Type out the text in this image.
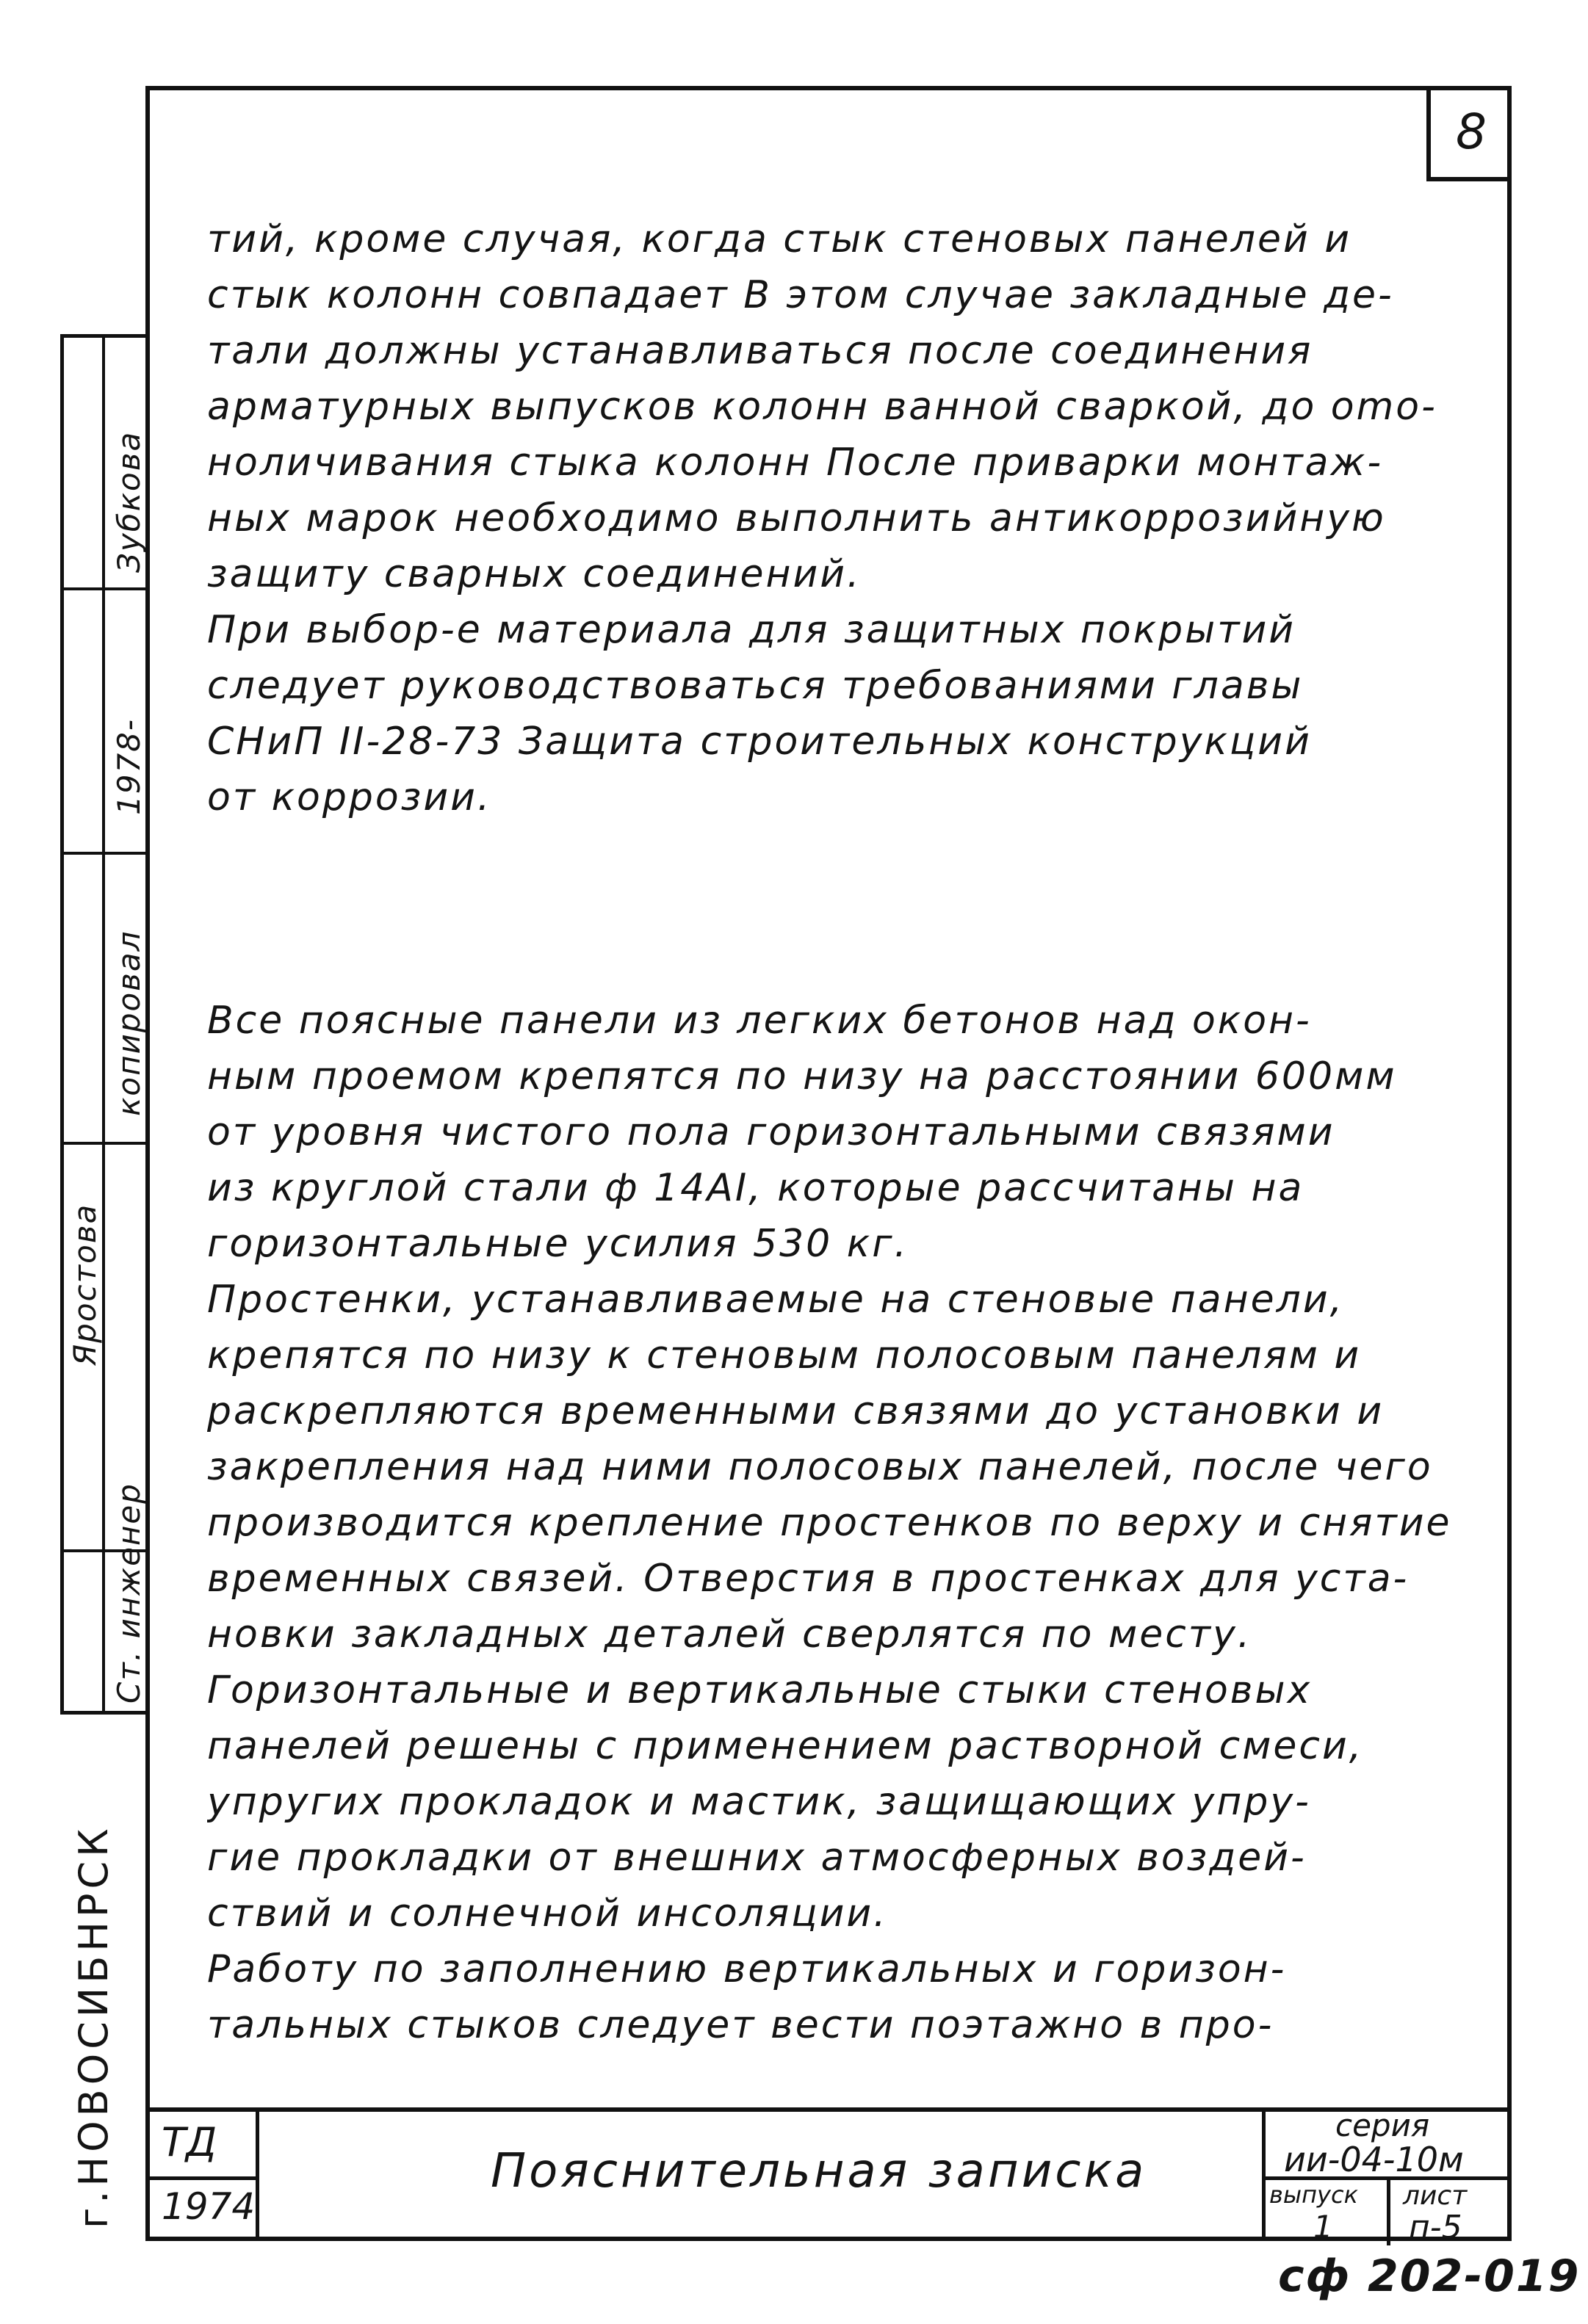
8
тий, кроме случая, когда стык стеновых панелей и
стык колонн совпадает В этом случае закладные де-
тали должны устанавливаться после соединения
арматурных выпусков колонн ванной сваркой, до omo-
ноличивания стыка колонн После приварки монтаж-
ных марок необходимо выполнить антикоррозийную
защиту сварных соединений.
При выбор-е материала для защитных покрытий
следует руководствоваться требованиями главы
СНиП II-28-73 Защита строительных конструкций
от коррозии.
Все поясные панели из легких бетонов над окон-
ным проемом крепятся по низу на расстоянии 600мм
от уровня чистого пола горизонтальными связями
из круглой стали ф 14АI, которые рассчитаны на
горизонтальные усилия 530 кг.
Простенки, устанавливаемые на стеновые панели,
крепятся по низу к стеновым полосовым панелям и
раскрепляются временными связями до установки и
закрепления над ними полосовых панелей, после чего
производится крепление простенков по верху и снятие
временных связей. Отверстия в простенках для уста-
новки закладных деталей сверлятся по месту.
Горизонтальные и вертикальные стыки стеновых
панелей решены с применением растворной смеси,
упругих прокладок и мастик, защищающих упру-
гие прокладки от внешних атмосферных воздей-
ствий и солнечной инсоляции.
Работу по заполнению вертикальных и горизон-
тальных стыков следует вести поэтажно в про-
Зубкова
1978-
копировал
Яростова
Ст. инженер
г.НОВОСИБНРСК ТД
1974
Пояснительная записка
серия
ии-04-10м
выпуск
1
лист
п-5
сф 202-019
